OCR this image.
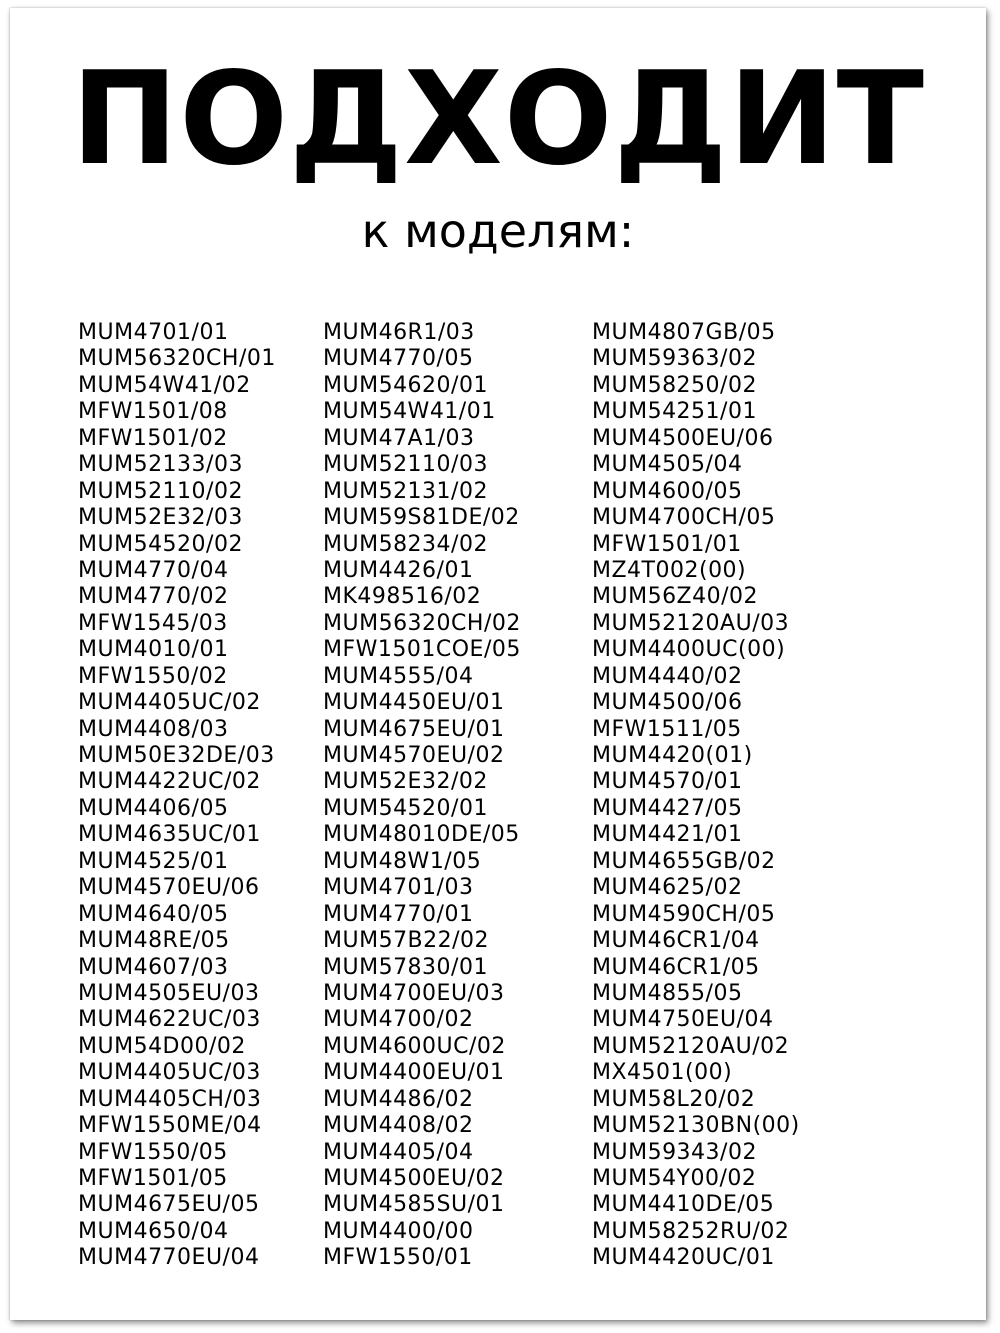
ПОДХОДИТ
к моделям:
MUM4701/01
MUM56320CH/01
MUM54W41/02
MFW1501/08
MFW1501/02
MUM52133/03
MUM52110/02
MUM52E32/03
MUM54520/02
MUM4770/04
MUM4770/02
MFW1545/03
MUM4010/01
MFW1550/02
MUM4405UC/02
MUM4408/03
MUM50E32DE/03
MUM4422UC/02
MUM4406/05
MUM4635UC/01
MUM4525/01
MUM4570EU/06
MUM4640/05
MUM48RE/05
MUM4607/03
MUM4505EU/03
MUM4622UC/03
MUM54D00/02
MUM4405UC/03
MUM4405CH/03
MFW1550ME/04
MFW1550/05
MFW1501/05
MUM4675EU/05
MUM4650/04
MUM4770EU/04
MUM46R1/03
MUM4770/05
MUM54620/01
MUM54W41/01
MUM47A1/03
MUM52110/03
MUM52131/02
MUM59S81DE/02
MUM58234/02
MUM4426/01
MK498516/02
MUM56320CH/02
MFW1501COE/05
MUM4555/04
MUM4450EU/01
MUM4675EU/01
MUM4570EU/02
MUM52E32/02
MUM54520/01
MUM48010DE/05
MUM48W1/05
MUM4701/03
MUM4770/01
MUM57B22/02
MUM57830/01
MUM4700EU/03
MUM4700/02
MUM4600UC/02
MUM4400EU/01
MUM4486/02
MUM4408/02
MUM4405/04
MUM4500EU/02
MUM4585SU/01
MUM4400/00
MFW1550/01
MUM4807GB/05
MUM59363/02
MUM58250/02
MUM54251/01
MUM4500EU/06
MUM4505/04
MUM4600/05
MUM4700CH/05
MFW1501/01
MZ4T002(00)
MUM56Z40/02
MUM52120AU/03
MUM4400UC(00)
MUM4440/02
MUM4500/06
MFW1511/05
MUM4420(01)
MUM4570/01
MUM4427/05
MUM4421/01
MUM4655GB/02
MUM4625/02
MUM4590CH/05
MUM46CR1/04
MUM46CR1/05
MUM4855/05
MUM4750EU/04
MUM52120AU/02
MX4501(00)
MUM58L20/02
MUM52130BN(00)
MUM59343/02
MUM54Y00/02
MUM4410DE/05
MUM58252RU/02
MUM4420UC/01
